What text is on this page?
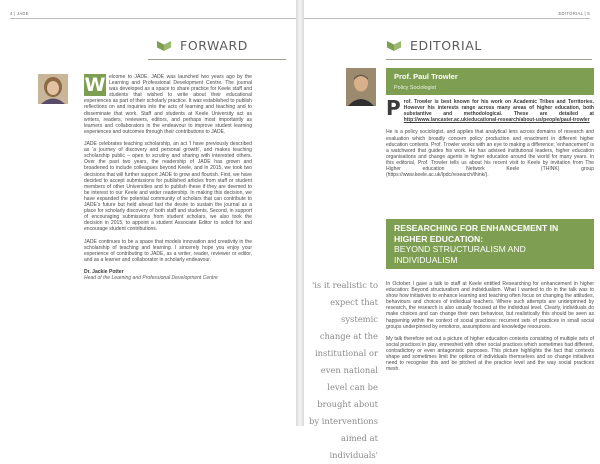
4 | JADE
FORWARD

W elcome to JADE. JADE was launched two years ago by the Learning and Professional Development Centre. The journal was developed as a space to share practice for Keele staff and students that wished to write about their educational experiences as part of their scholarly practice. It was established to publish reflections on and inquiries into the acts of learning and teaching and to disseminate that work. Staff and students at Keele University act as writers, readers, reviewers, editors, and perhaps most importantly as learners and collaborators in the endeavour to improve student learning experiences and outcomes through their contributions to JADE.

JADE celebrates teaching scholarship, an act 'I have previously described as 'a journey of discovery and personal growth', and makes teaching scholarship public – open to scrutiny and sharing with interested others. Over the past two years, the readership of JADE has grown and broadened to include colleagues beyond Keele, and in 2015, we took two decisions that will further support JADE to grow and flourish. First, we have decided to accept submissions for published articles from staff or student members of other Universities and to publish these if they are deemed to be interest to our Keele and wider readership. In making this decision, we have expanded the potential community of scholars that can contribute to JADE's future but held ahead fast the desire to sustain the journal as a place for scholarly discovery of both staff and students. Second, in support of encouraging submissions from student scholars, we also took the decision in 2015, to appoint a student Associate Editor to solicit for and encourage student contributions.

JADE continues to be a space that models innovation and creativity in the scholarship of teaching and learning. I sincerely hope you enjoy your experience of contributing to JADE, as a writer, reader, reviewer or editor, and as a learner and collaborator in scholarly endeavour.

Dr. Jackie Potter
Head of the Learning and Professional Development Centre
EDITORIAL | 5
EDITORIAL
Prof. Paul Trowler
Policy Sociologist

Prof. Trowler is best known for his work on Academic Tribes and Territories. However his interests range across many areas of higher education, both substantive and methodological. These are detailed at http://www.lancaster.ac.uk/educational-research/about-us/people/paul-trowler

He is a policy sociologist, and applies that analytical lens across domains of research and evaluation which broadly concern policy production and enactment in different higher education contexts. Prof. Trowler works with an eye to making a difference; 'enhancement' is a watchword that guides his work. He has advised institutional leaders, higher education organisations and change agents in higher education around the world for many years. In this editorial, Prof. Trowler tells us about his recent visit to Keele by invitation from The Higher education Network Keele (THINK) group (https://www.keele.ac.uk/lpdc/research/think/).

RESEARCHING FOR ENHANCEMENT IN HIGHER EDUCATION:
BEYOND STRUCTURALISM AND INDIVIDUALISM
'is it realistic to expect that systemic change at the institutional or even national level can be brought about by interventions aimed at individuals'

In October I gave a talk to staff at Keele entitled Researching for enhancement in higher education: Beyond structuralism and individualism. What I wanted to do in the talk was to show how initiatives to enhance learning and teaching often focus on changing the attitudes, behaviours and choices of individual teachers. Where such attempts are underpinned by research, the research is also usually focused at the individual level. Clearly, individuals do make choices and can change their own behaviour, but realistically this should be seen as happening within the context of social practices: recurrent sets of practices in small social groups underpinned by emotions, assumptions and knowledge resources.

My talk therefore set out a picture of higher education contexts consisting of multiple sets of social practices in play, enmeshed with other social practices which sometimes had different, contradictory or even antagonistic purposes. This picture highlights the fact that contexts shape and sometimes limit the options of individuals themselves and so change initiatives need to recognise this and be pitched at the practice level and the way social practices mesh.
